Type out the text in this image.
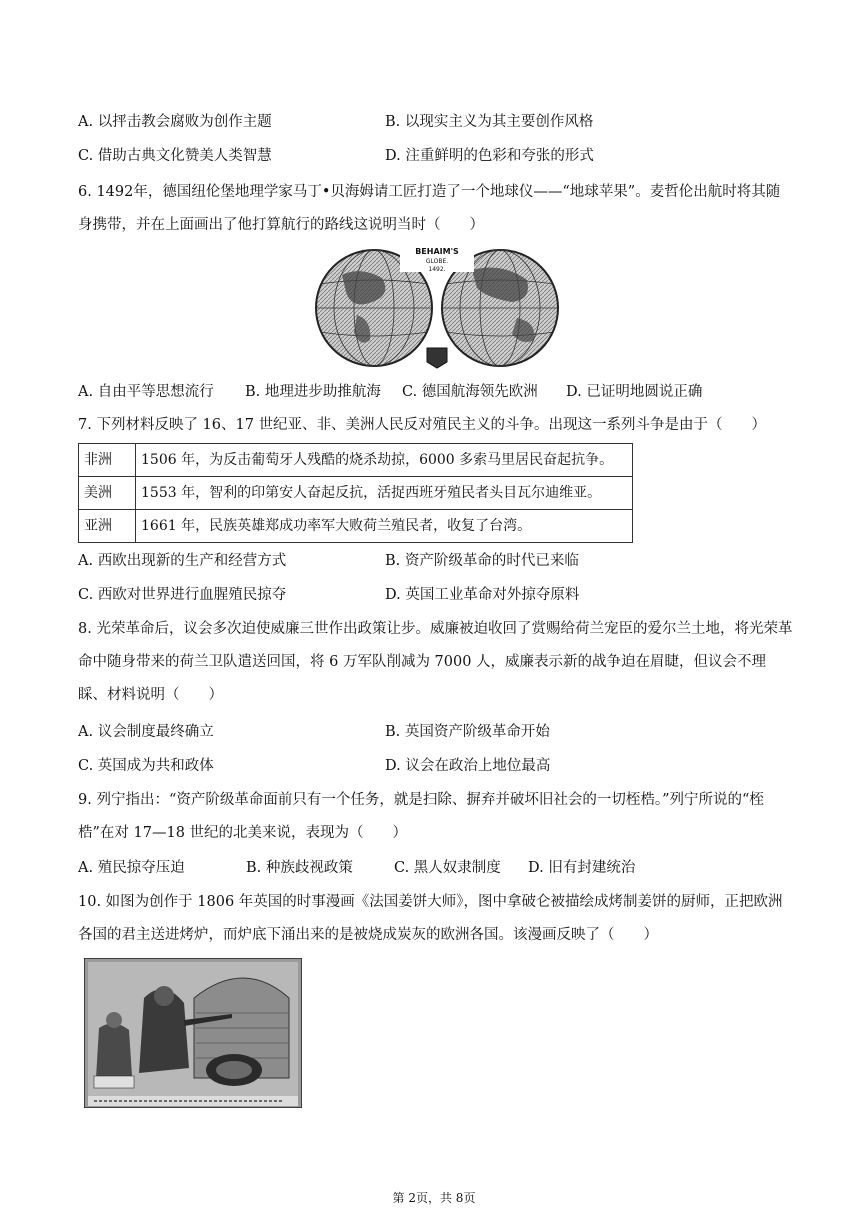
A. 以抨击教会腐败为创作主题	B. 以现实主义为其主要创作风格
C. 借助古典文化赞美人类智慧	D. 注重鲜明的色彩和夸张的形式
6. 1492年，德国纽伦堡地理学家马丁•贝海姆请工匠打造了一个地球仪——“地球苹果”。麦哲伦出航时将其随身携带，并在上面画出了他打算航行的路线这说明当时（　　）
BEHAIM'S
GLOBE.
1492.
A. 自由平等思想流行 B. 地理进步助推航海 C. 德国航海领先欧洲 D. 已证明地圆说正确
7. 下列材料反映了 16、17 世纪亚、非、美洲人民反对殖民主义的斗争。出现这一系列斗争是由于（　　）
非洲	1506 年，为反击葡萄牙人残酷的烧杀劫掠，6000 多索马里居民奋起抗争。
美洲	1553 年，智利的印第安人奋起反抗，活捉西班牙殖民者头目瓦尔迪维亚。
亚洲	1661 年，民族英雄郑成功率军大败荷兰殖民者，收复了台湾。
A. 西欧出现新的生产和经营方式	B. 资产阶级革命的时代已来临
C. 西欧对世界进行血腥殖民掠夺	D. 英国工业革命对外掠夺原料
8. 光荣革命后，议会多次迫使威廉三世作出政策让步。威廉被迫收回了赏赐给荷兰宠臣的爱尔兰土地，将光荣革命中随身带来的荷兰卫队遣送回国，将 6 万军队削减为 7000 人，威廉表示新的战争迫在眉睫，但议会不理睬、材料说明（　　）
A. 议会制度最终确立	B. 英国资产阶级革命开始
C. 英国成为共和政体	D. 议会在政治上地位最高
9. 列宁指出：“资产阶级革命面前只有一个任务，就是扫除、摒弃并破坏旧社会的一切桎梏。”列宁所说的“桎梏”在对 17—18 世纪的北美来说，表现为（　　）
A. 殖民掠夺压迫	B. 种族歧视政策	C. 黑人奴隶制度 D. 旧有封建统治
10. 如图为创作于 1806 年英国的时事漫画《法国姜饼大师》，图中拿破仑被描绘成烤制姜饼的厨师，正把欧洲各国的君主送进烤炉，而炉底下涌出来的是被烧成炭灰的欧洲各国。该漫画反映了（　　）
第 2页，共 8页
